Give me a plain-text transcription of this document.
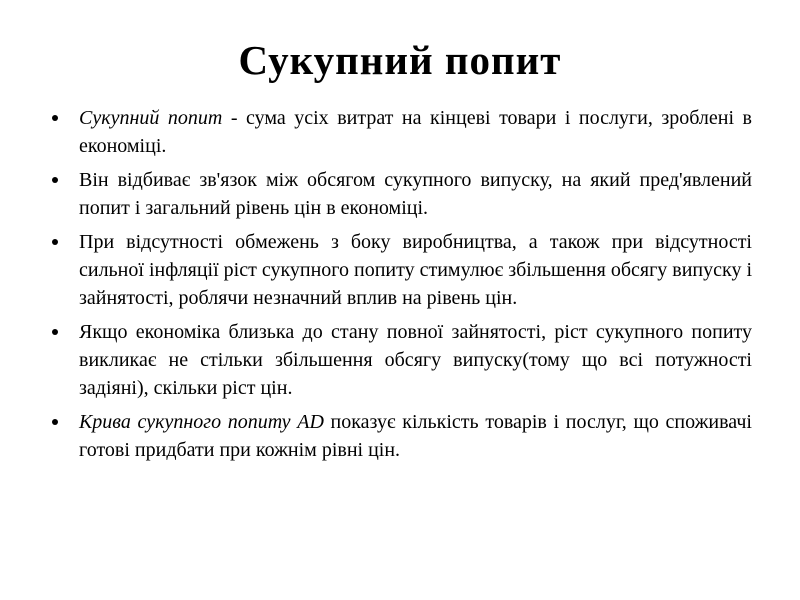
Сукупний попит
Сукупний попит - сума усіх витрат на кінцеві товари і послуги, зроблені в економіці.
Він відбиває зв'язок між обсягом сукупного випуску, на який пред'явлений попит і загальний рівень цін в економіці.
При відсутності обмежень з боку виробництва, а також при відсутності сильної інфляції ріст сукупного попиту стимулює збільшення обсягу випуску і зайнятості, роблячи незначний вплив на рівень цін.
Якщо економіка близька до стану повної зайнятості, ріст сукупного попиту викликає не стільки збільшення обсягу випуску(тому що всі потужності задіяні), скільки ріст цін.
Крива сукупного попиту AD показує кількість товарів і послуг, що споживачі готові придбати при кожнім рівні цін.
